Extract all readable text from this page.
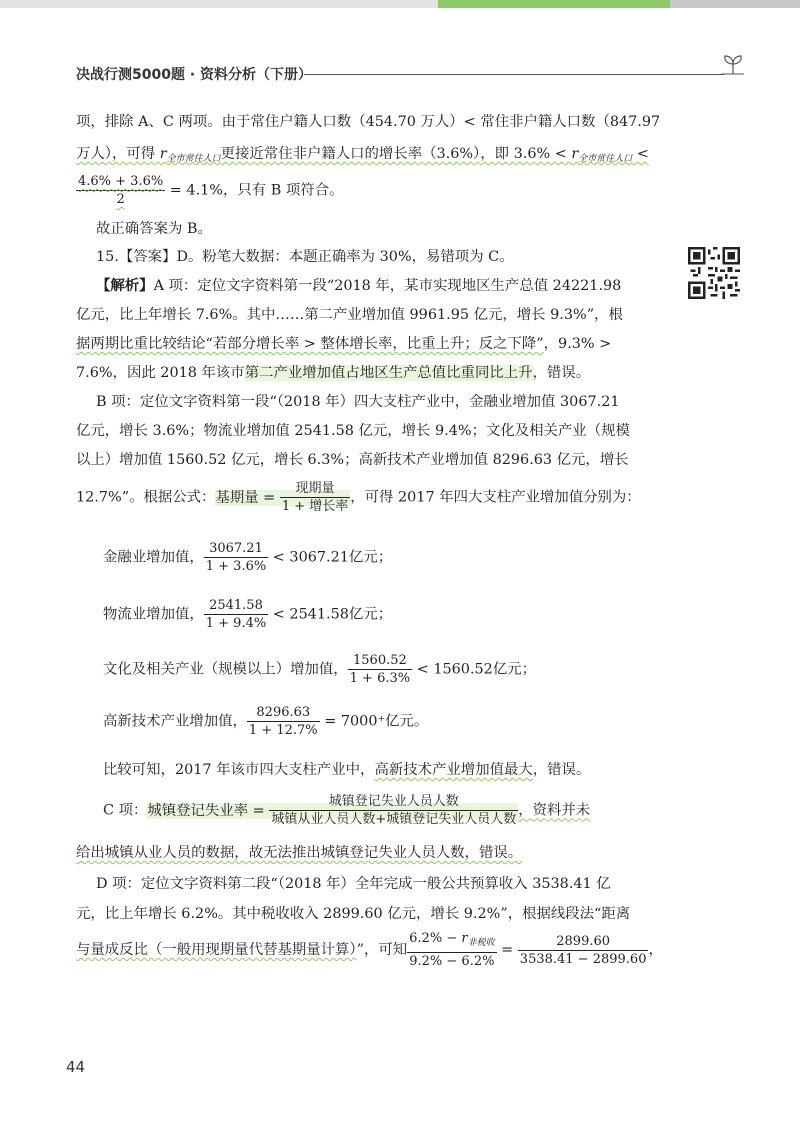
决战行测5000题 · 资料分析（下册）
项，排除 A、C 两项。由于常住户籍人口数（454.70 万人）< 常住非户籍人口数（847.97
万人），可得 $r_{全市常住人口}$更接近常住非户籍人口的增长率（3.6%），即 $3.6\% < r_{全市常住人口}$ <
$\frac{4.6\% + 3.6\%}{2} = 4.1\%$，只有 B 项符合。
故正确答案为 B。
15.【答案】D。粉笔大数据：本题正确率为 30%，易错项为 C。
【解析】A 项：定位文字资料第一段“2018 年，某市实现地区生产总值 24221.98
亿元，比上年增长 7.6%。其中……第二产业增加值 9961.95 亿元，增长 9.3%”，根
据两期比重比较结论“若部分增长率 > 整体增长率，比重上升；反之下降”，9.3% >
7.6%，因此 2018 年该市第二产业增加值占地区生产总值比重同比上升，错误。
B 项：定位文字资料第一段“（2018 年）四大支柱产业中，金融业增加值 3067.21
亿元，增长 3.6%；物流业增加值 2541.58 亿元，增长 9.4%；文化及相关产业（规模
以上）增加值 1560.52 亿元，增长 6.3%；高新技术产业增加值 8296.63 亿元，增长
12.7%”。根据公式：基期量 = $\frac{\text{现期量}}{\text{1 + 增长率}}$ ，可得 2017 年四大支柱产业增加值分别为：
金融业增加值， $\frac{3067.21}{1 + 3.6\%} < 3067.21$亿元；
物流业增加值， $\frac{2541.58}{1 + 9.4\%} < 2541.58$亿元；
文化及相关产业（规模以上）增加值， $\frac{1560.52}{1 + 6.3\%} < 1560.52$亿元；
高新技术产业增加值， $\frac{8296.63}{1 + 12.7\%} = 7000^+$亿元。
比较可知，2017 年该市四大支柱产业中，高新技术产业增加值最大，错误。
C 项：城镇登记失业率 = $\frac{\text{城镇登记失业人员人数}}{\text{城镇从业人员人数+城镇登记失业人员人数}}$ ，资料并未
给出城镇从业人员的数据，故无法推出城镇登记失业人员人数，错误。
D 项：定位文字资料第二段“（2018 年）全年完成一般公共预算收入 3538.41 亿
元，比上年增长 6.2%。其中税收收入 2899.60 亿元，增长 9.2%”，根据线段法“距离
与量成反比（一般用现期量代替基期量计算）”，可知 $\frac{6.2\% - r_{非税收}}{9.2\% - 6.2\%} = \frac{2899.60}{3538.41 - 2899.60}$ ，
44
